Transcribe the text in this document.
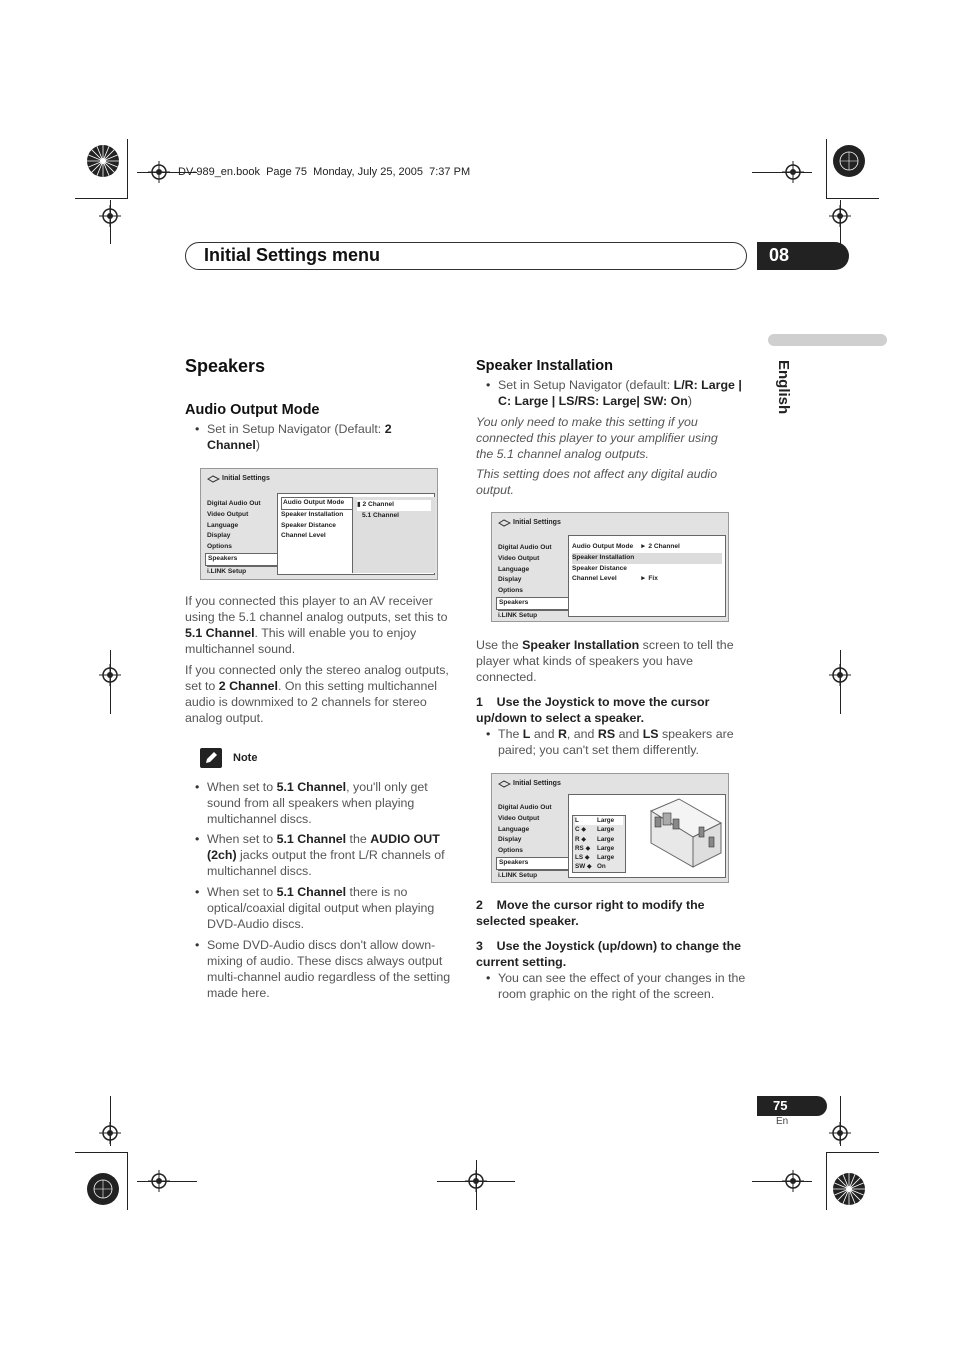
DV-989_en.book  Page 75  Monday, July 25, 2005  7:37 PM
Initial Settings menu	08
English
Speakers
Audio Output Mode
• Set in Setup Navigator (Default: 2
Channel)
Initial Settings
Digital Audio Out
Video Output
Language
Display
Options
Speakers
i.LINK Setup
Audio Output Mode
Speaker Installation
Speaker Distance
Channel Level
▮ 2 Channel
5.1 Channel
If you connected this player to an AV receiver using the 5.1 channel analog outputs, set this to 5.1 Channel. This will enable you to enjoy multichannel sound.
If you connected only the stereo analog outputs, set to 2 Channel. On this setting multichannel audio is downmixed to 2 channels for stereo analog output.
Note
• When set to 5.1 Channel, you'll only get sound from all speakers when playing multichannel discs.
• When set to 5.1 Channel the AUDIO OUT (2ch) jacks output the front L/R channels of multichannel discs.
• When set to 5.1 Channel there is no optical/coaxial digital output when playing DVD-Audio discs.
• Some DVD-Audio discs don't allow down-mixing of audio. These discs always output multi-channel audio regardless of the setting made here.
Speaker Installation
• Set in Setup Navigator (default: L/R: Large | C: Large | LS/RS: Large| SW: On)
You only need to make this setting if you connected this player to your amplifier using the 5.1 channel analog outputs.
This setting does not affect any digital audio output.
Initial Settings
Digital Audio Out
Video Output
Language
Display
Options
Speakers
i.LINK Setup
Audio Output Mode ► 2 Channel
Speaker Installation
Speaker Distance
Channel Level	► Fix
Use the Speaker Installation screen to tell the player what kinds of speakers you have connected.
1    Use the Joystick to move the cursor up/down to select a speaker.
• The L and R, and RS and LS speakers are paired; you can't set them differently.
Initial Settings
Digital Audio Out
Video Output
Language
Display
Options
Speakers
i.LINK Setup
L	Large
C ◆ Large
R ◆ Large
RS ◆ Large
LS ◆ Large
SW ◆ On
2    Move the cursor right to modify the selected speaker.
3    Use the Joystick (up/down) to change the current setting.
• You can see the effect of your changes in the room graphic on the right of the screen.
75
En
